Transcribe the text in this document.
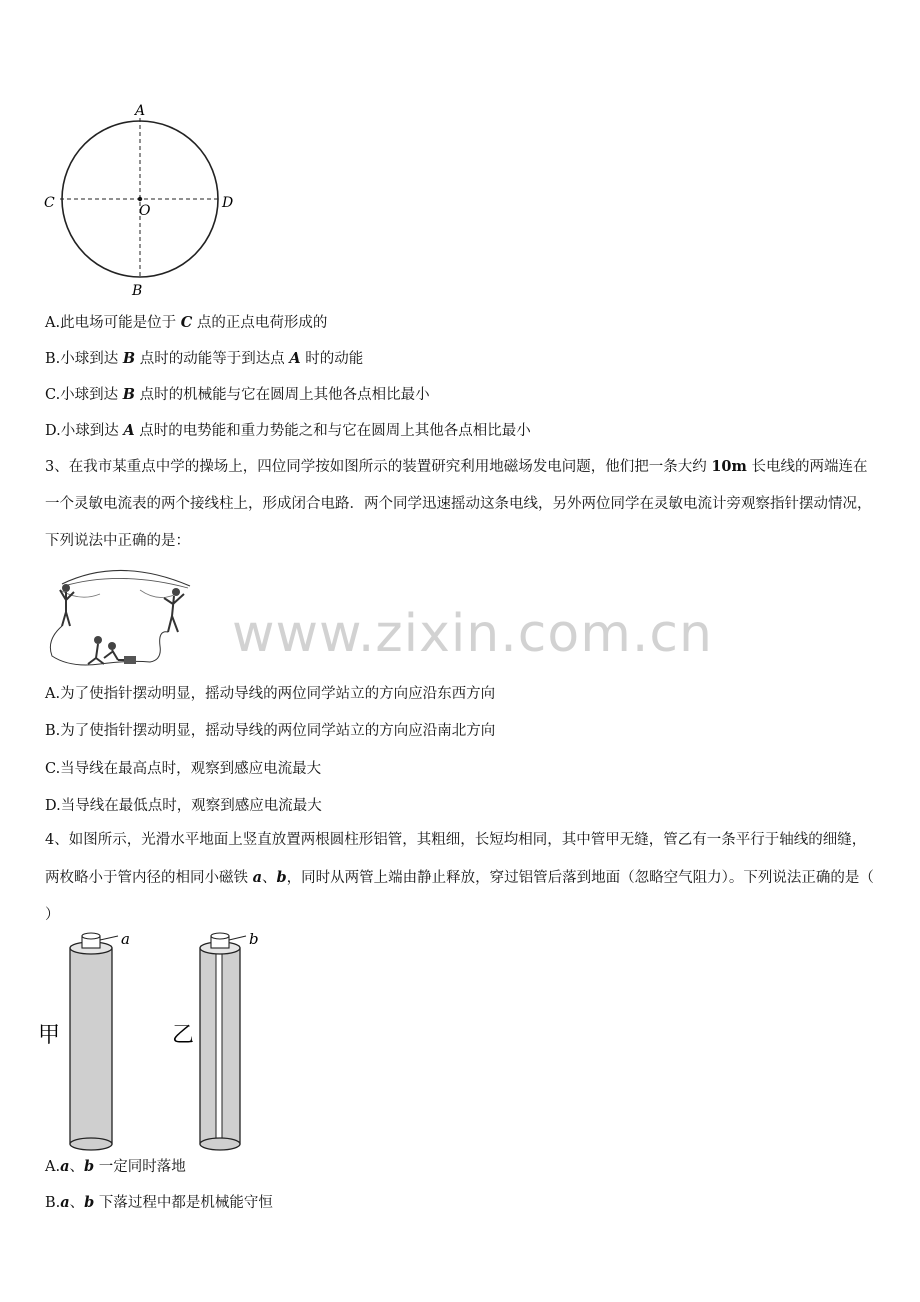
A
B
C	D
O
A.此电场可能是位于 C 点的正点电荷形成的
B.小球到达 B 点时的动能等于到达点 A 时的动能
C.小球到达 B 点时的机械能与它在圆周上其他各点相比最小
D.小球到达 A 点时的电势能和重力势能之和与它在圆周上其他各点相比最小
3、在我市某重点中学的操场上，四位同学按如图所示的装置研究利用地磁场发电问题，他们把一条大约 10m 长电线的两端连在一个灵敏电流表的两个接线柱上，形成闭合电路．两个同学迅速摇动这条电线，另外两位同学在灵敏电流计旁观察指针摆动情况，下列说法中正确的是：
www.zixin.com.cn
A.为了使指针摆动明显，摇动导线的两位同学站立的方向应沿东西方向
B.为了使指针摆动明显，摇动导线的两位同学站立的方向应沿南北方向
C.当导线在最高点时，观察到感应电流最大
D.当导线在最低点时，观察到感应电流最大
4、如图所示，光滑水平地面上竖直放置两根圆柱形铝管，其粗细，长短均相同，其中管甲无缝，管乙有一条平行于轴线的细缝，两枚略小于管内径的相同小磁铁 a、b，同时从两管上端由静止释放，穿过铝管后落到地面（忽略空气阻力）。下列说法正确的是（ ）
a
甲
b
乙
A.a、b 一定同时落地
B.a、b 下落过程中都是机械能守恒
